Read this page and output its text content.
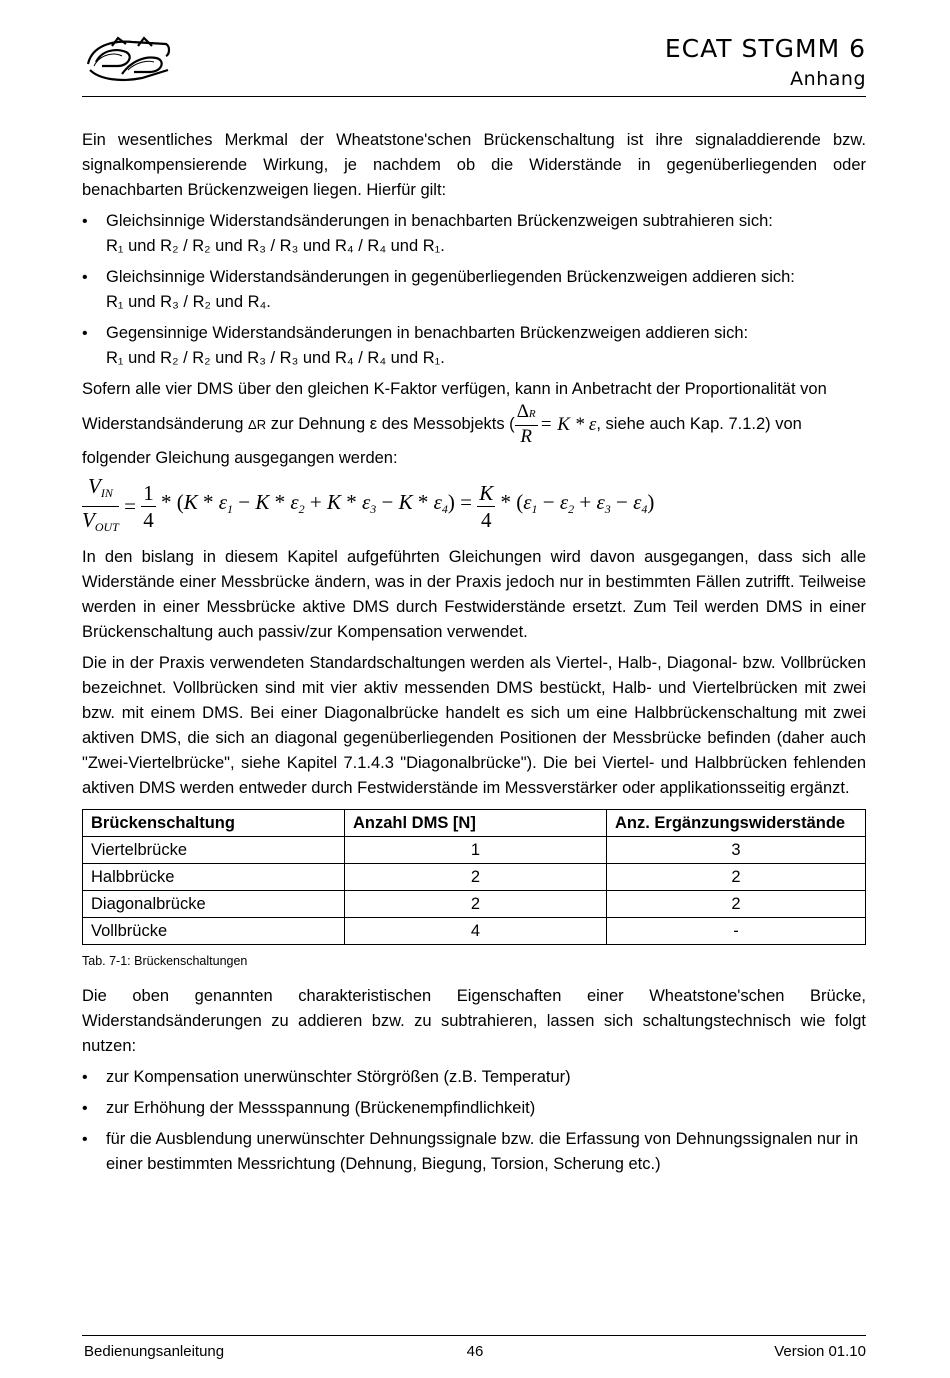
ECAT STGMM 6
Anhang

Ein wesentliches Merkmal der Wheatstone'schen Brückenschaltung ist ihre signaladdierende bzw. signalkompensierende Wirkung, je nachdem ob die Widerstände in gegenüberliegenden oder benachbarten Brückenzweigen liegen. Hierfür gilt:

• Gleichsinnige Widerstandsänderungen in benachbarten Brückenzweigen subtrahieren sich:
R₁ und R₂ / R₂ und R₃ / R₃ und R₄ / R₄ und R₁.
• Gleichsinnige Widerstandsänderungen in gegenüberliegenden Brückenzweigen addieren sich:
R₁ und R₃ / R₂ und R₄.
• Gegensinnige Widerstandsänderungen in benachbarten Brückenzweigen addieren sich:
R₁ und R₂ / R₂ und R₃ / R₃ und R₄ / R₄ und R₁.

Sofern alle vier DMS über den gleichen K-Faktor verfügen, kann in Anbetracht der Proportionalität von

Widerstandsänderung
ΔR
zur Dehnung ε des Messobjekts ( $\frac{\Delta R}{R} = K * \varepsilon$ , siehe auch Kap. 7.1.2) von

folgender Gleichung ausgegangen werden:

$\frac{\text{VIN}}{\text{VOUT}} = \frac{1}{4} * (K * \varepsilon 1 - K * \varepsilon 2 + K * \varepsilon 3 - K * \varepsilon 4) = \frac{K}{4} * (\varepsilon 1 - \varepsilon 2 + \varepsilon 3 - \varepsilon 4)$

In den bislang in diesem Kapitel aufgeführten Gleichungen wird davon ausgegangen, dass sich alle Widerstände einer Messbrücke ändern, was in der Praxis jedoch nur in bestimmten Fällen zutrifft. Teilweise werden in einer Messbrücke aktive DMS durch Festwiderstände ersetzt. Zum Teil werden DMS in einer Brückenschaltung auch passiv/zur Kompensation verwendet.

Die in der Praxis verwendeten Standardschaltungen werden als Viertel-, Halb-, Diagonal- bzw. Vollbrücken bezeichnet. Vollbrücken sind mit vier aktiv messenden DMS bestückt, Halb- und Viertelbrücken mit zwei bzw. mit einem DMS. Bei einer Diagonalbrücke handelt es sich um eine Halbbrückenschaltung mit zwei aktiven DMS, die sich an diagonal gegenüberliegenden Positionen der Messbrücke befinden (daher auch "Zwei-Viertelbrücke", siehe Kapitel 7.1.4.3 "Diagonalbrücke"). Die bei Viertel- und Halbbrücken fehlenden aktiven DMS werden entweder durch Festwiderstände im Messverstärker oder applikationsseitig ergänzt.

Brückenschaltung	Anzahl DMS [N]	Anz. Ergänzungswiderstände
Viertelbrücke	1	3
Halbbrücke	2	2
Diagonalbrücke	2	2
Vollbrücke	4	-
Tab. 7-1: Brückenschaltungen

Die oben genannten charakteristischen Eigenschaften einer Wheatstone'schen Brücke, Widerstandsänderungen zu addieren bzw. zu subtrahieren, lassen sich schaltungstechnisch wie folgt nutzen:

• zur Kompensation unerwünschter Störgrößen (z.B. Temperatur)
• zur Erhöhung der Messspannung (Brückenempfindlichkeit)
• für die Ausblendung unerwünschter Dehnungssignale bzw. die Erfassung von Dehnungssignalen nur in einer bestimmten Messrichtung (Dehnung, Biegung, Torsion, Scherung etc.)
Bedienungsanleitung	46	Version 01.10
